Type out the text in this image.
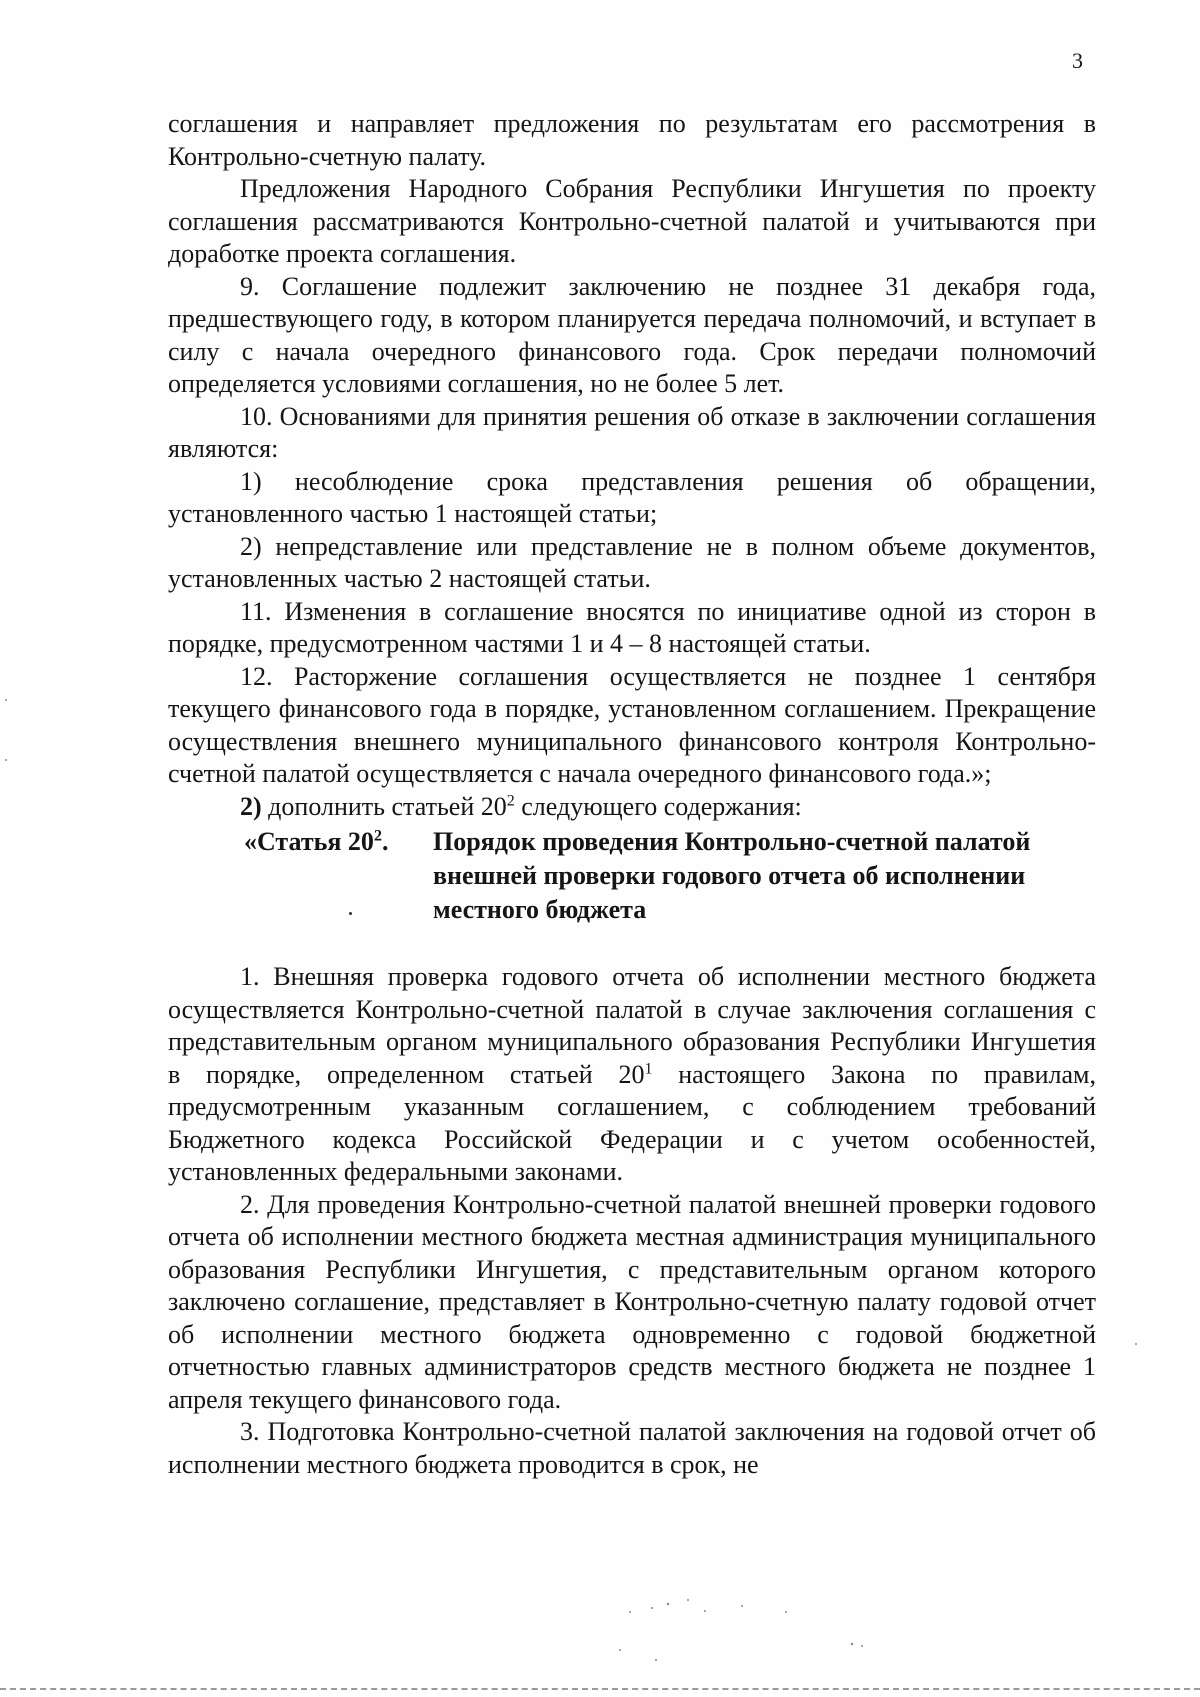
3

соглашения и направляет предложения по результатам его рассмотрения в Контрольно-счетную палату.

Предложения Народного Собрания Республики Ингушетия по проекту соглашения рассматриваются Контрольно-счетной палатой и учитываются при доработке проекта соглашения.

9. Соглашение подлежит заключению не позднее 31 декабря года, предшествующего году, в котором планируется передача полномочий, и вступает в силу с начала очередного финансового года. Срок передачи полномочий определяется условиями соглашения, но не более 5 лет.

10. Основаниями для принятия решения об отказе в заключении соглашения являются:

1) несоблюдение срока представления решения об обращении, установленного частью 1 настоящей статьи;

2) непредставление или представление не в полном объеме документов, установленных частью 2 настоящей статьи.

11. Изменения в соглашение вносятся по инициативе одной из сторон в порядке, предусмотренном частями 1 и 4 – 8 настоящей статьи.

12. Расторжение соглашения осуществляется не позднее 1 сентября текущего финансового года в порядке, установленном соглашением. Прекращение осуществления внешнего муниципального финансового контроля Контрольно-счетной палатой осуществляется с начала очередного финансового года.»;

2) дополнить статьей $20^2$ следующего содержания:

«Статья $20^2$. Порядок проведения Контрольно-счетной палатой внешней проверки годового отчета об исполнении местного бюджета

1. Внешняя проверка годового отчета об исполнении местного бюджета осуществляется Контрольно-счетной палатой в случае заключения соглашения с представительным органом муниципального образования Республики Ингушетия в порядке, определенном статьей $20^1$ настоящего Закона по правилам, предусмотренным указанным соглашением, с соблюдением требований Бюджетного кодекса Российской Федерации и с учетом особенностей, установленных федеральными законами.

2. Для проведения Контрольно-счетной палатой внешней проверки годового отчета об исполнении местного бюджета местная администрация муниципального образования Республики Ингушетия, с представительным органом которого заключено соглашение, представляет в Контрольно-счетную палату годовой отчет об исполнении местного бюджета одновременно с годовой бюджетной отчетностью главных администраторов средств местного бюджета не позднее 1 апреля текущего финансового года.

3. Подготовка Контрольно-счетной палатой заключения на годовой отчет об исполнении местного бюджета проводится в срок, не
